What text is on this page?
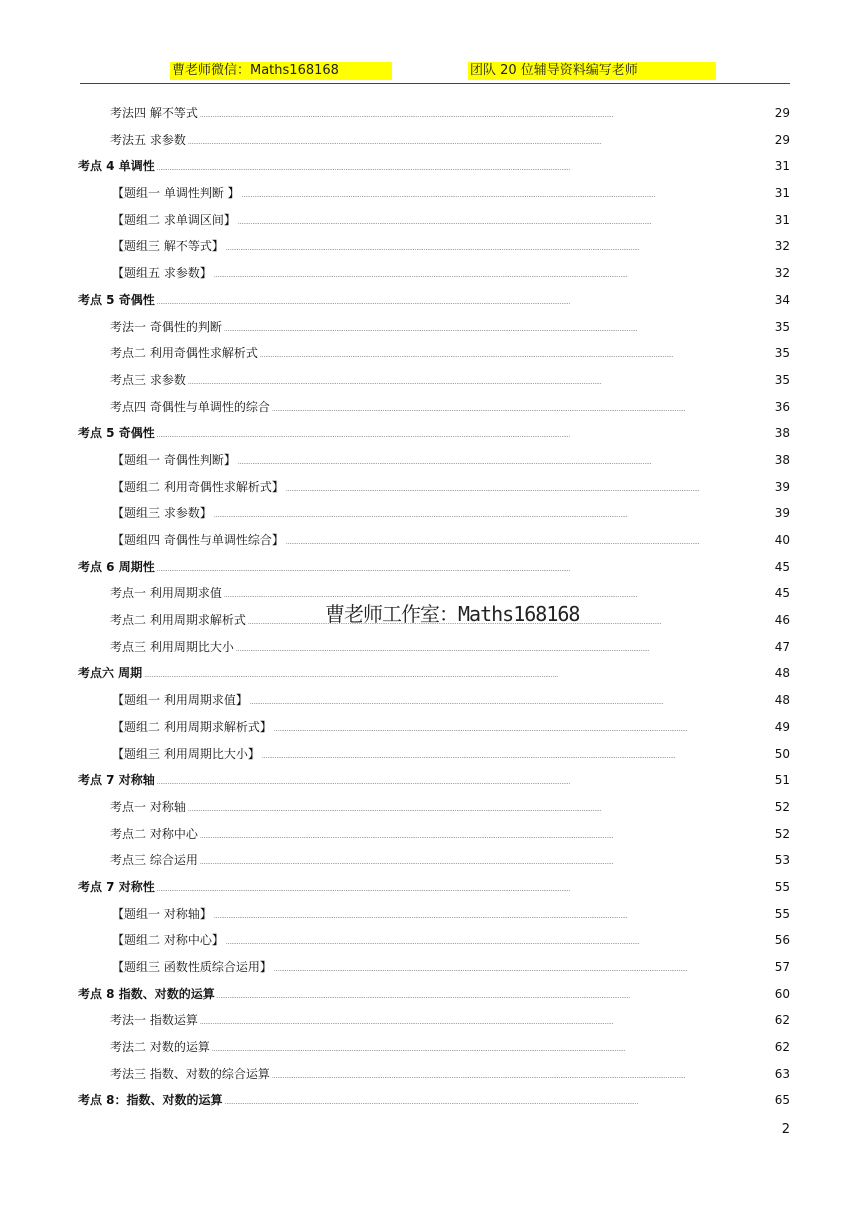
曹老师微信：Maths168168	团队 20 位辅导资料编写老师
考法四 解不等式 . . .	29
考法五 求参数 . . .	29
考点 4 单调性 . . .	31
【题组一 单调性判断 】 . . .	31
【题组二 求单调区间】 . . .	31
【题组三 解不等式】 . . .	32
【题组五 求参数】 . . .	32
考点 5 奇偶性 . . .	34
考法一 奇偶性的判断 . . .	35
考点二 利用奇偶性求解析式 . . .	35
考点三 求参数 . . .	35
考点四 奇偶性与单调性的综合 . . .	36
考点 5 奇偶性 . . .	38
【题组一 奇偶性判断】 . . .	38
【题组二 利用奇偶性求解析式】 . . .	39
【题组三 求参数】 . . .	39
【题组四 奇偶性与单调性综合】 . . .	40
考点 6 周期性 . . .	45
考点一 利用周期求值 . . .	45
考点二 利用周期求解析式 . . .	46
考点三 利用周期比大小 . . .	47
考点六 周期 . . .	48
【题组一 利用周期求值】 . . .	48
【题组二 利用周期求解析式】 . . .	49
【题组三 利用周期比大小】 . . .	50
考点 7 对称轴 . . .	51
考点一 对称轴 . . .	52
考点二 对称中心 . . .	52
考点三 综合运用 . . .	53
考点 7 对称性 . . .	55
【题组一 对称轴】 . . .	55
【题组二 对称中心】 . . .	56
【题组三 函数性质综合运用】 . . .	57
考点 8 指数、对数的运算 . . .	60
考法一 指数运算 . . .	62
考法二 对数的运算 . . .	62
考法三 指数、对数的综合运算 . . .	63
考点 8：指数、对数的运算 . . .	65
曹老师工作室：Maths168168
2
